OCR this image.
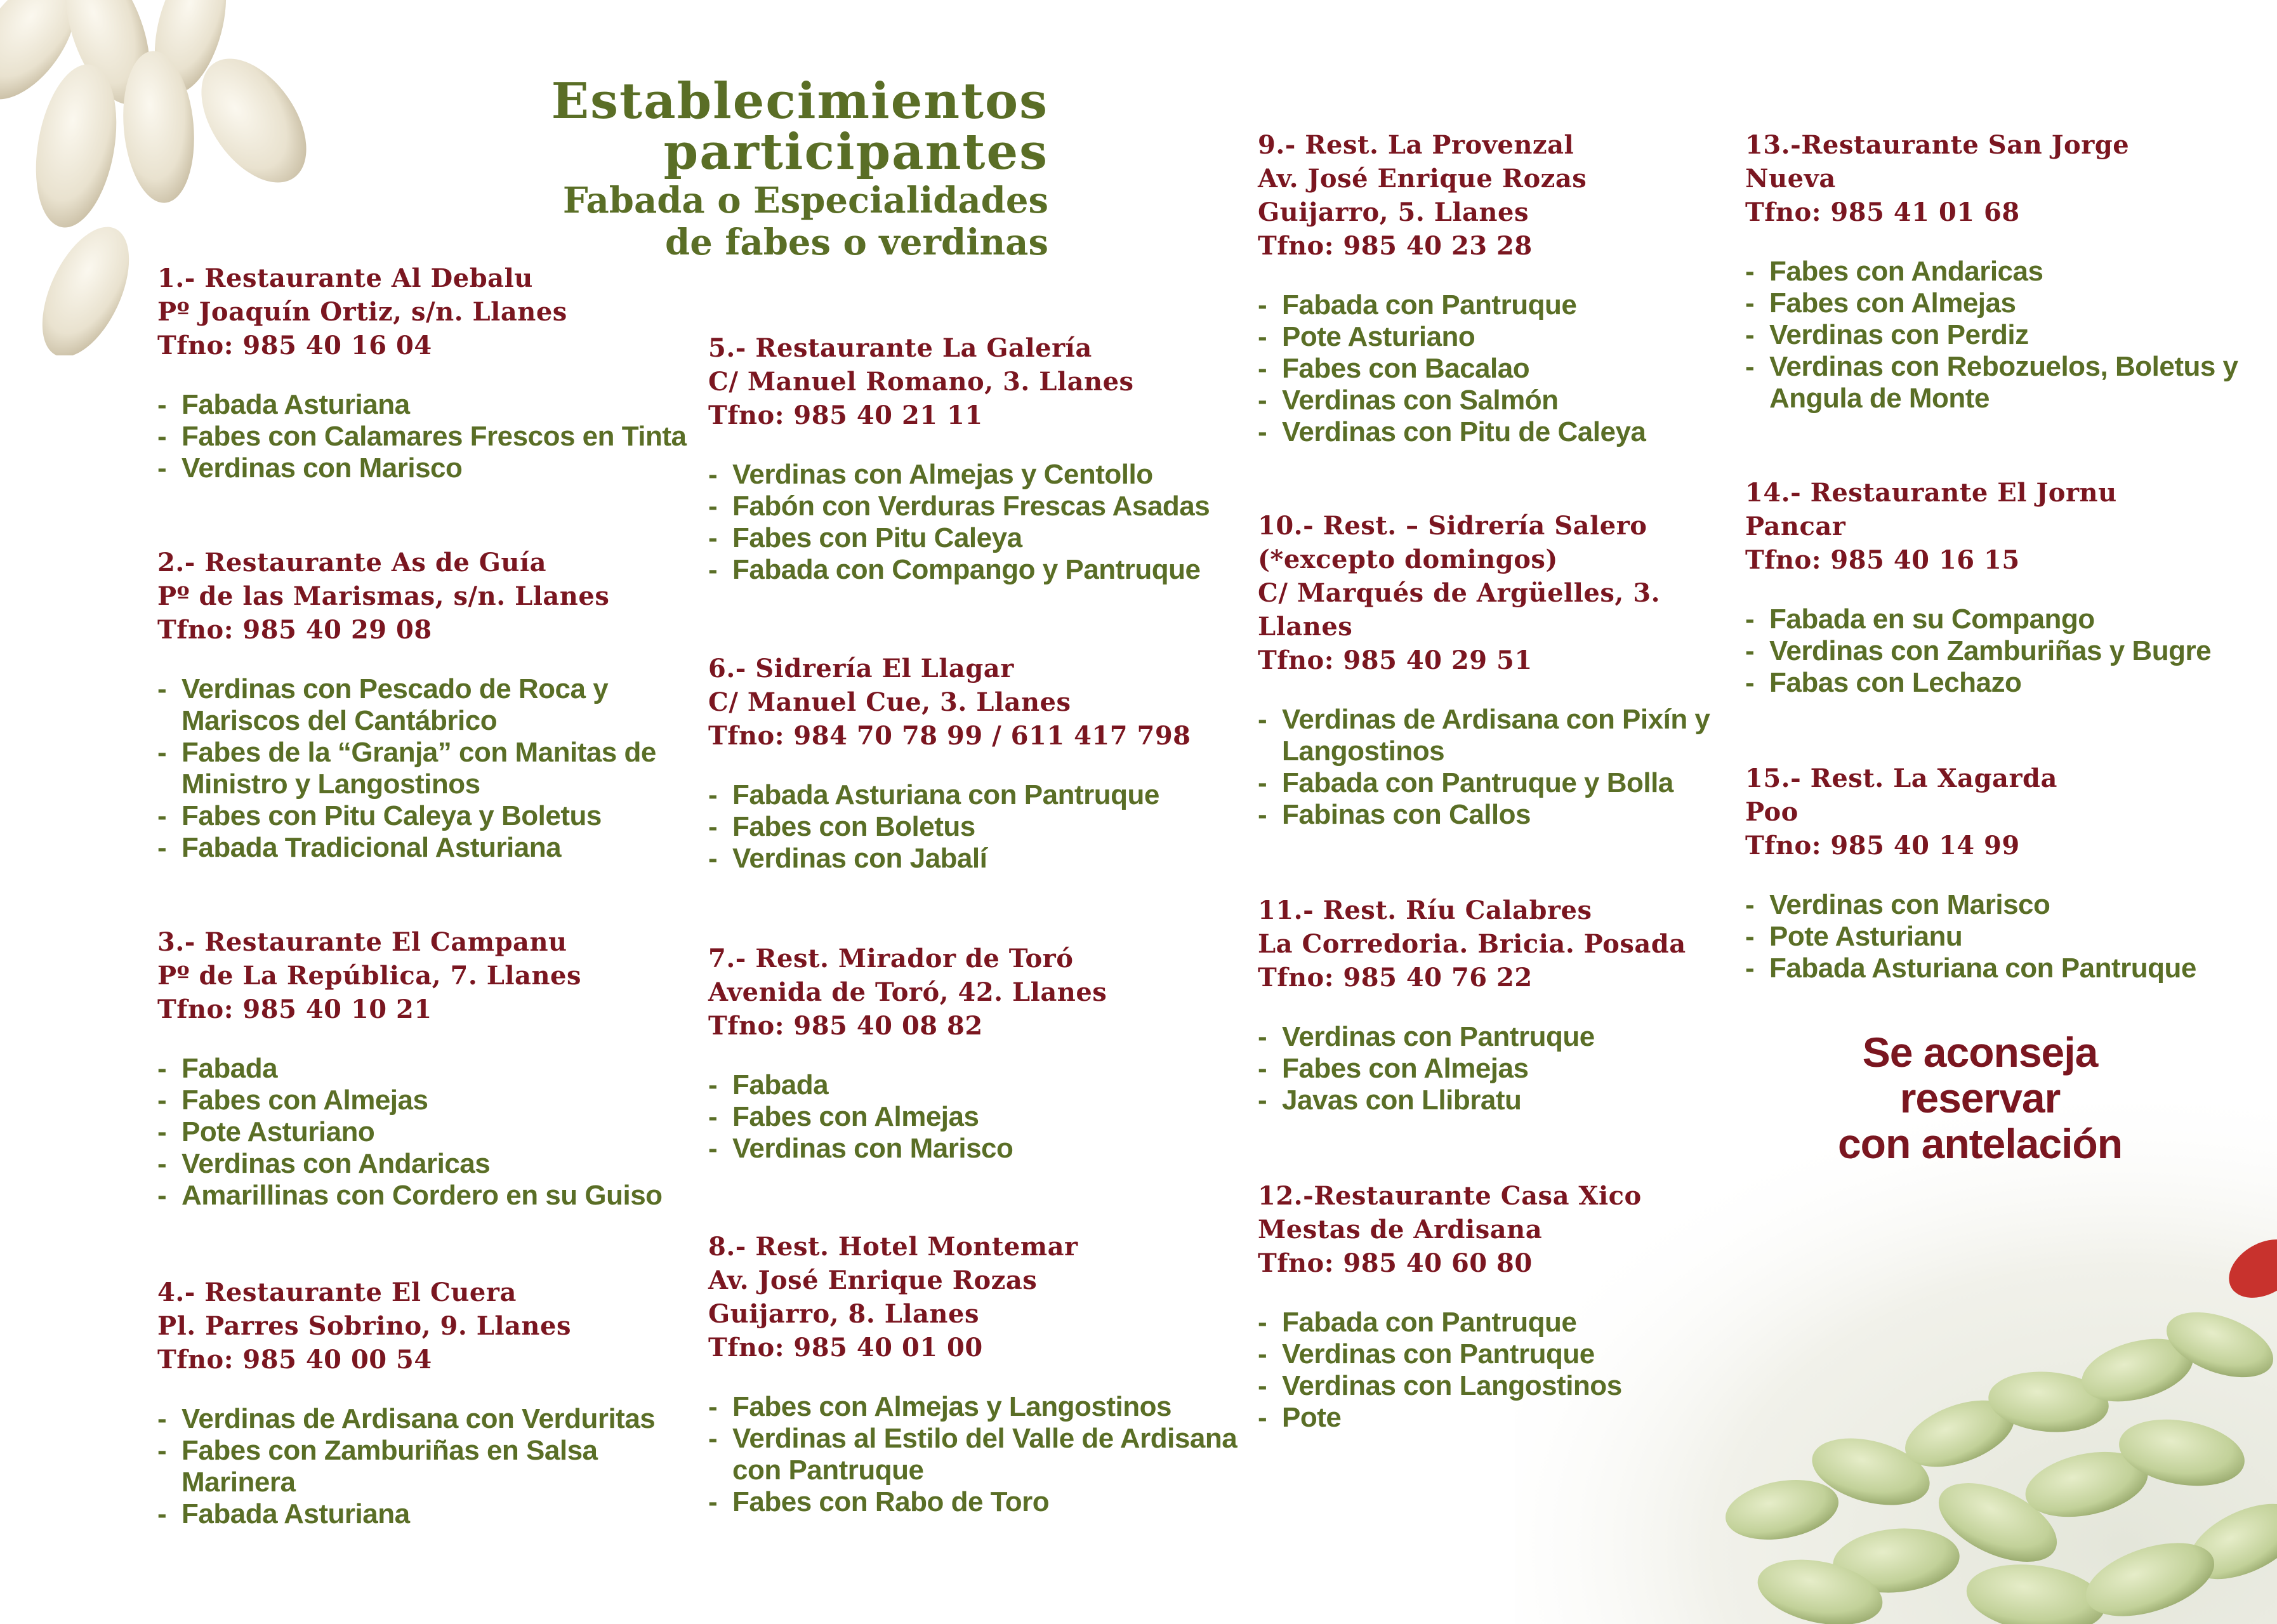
Establecimientos

participantes

Fabada o Especialidades

de fabes o verdinas

1.- Restaurante Al Debalu
Pº Joaquín Ortiz, s/n. Llanes
Tfno: 985 40 16 04
- Fabada Asturiana
- Fabes con Calamares Frescos en Tinta
- Verdinas con Marisco
2.- Restaurante As de Guía
Pº de las Marismas, s/n. Llanes
Tfno: 985 40 29 08
- Verdinas con Pescado de Roca y Mariscos del Cantábrico
- Fabes de la “Granja” con Manitas de Ministro y Langostinos
- Fabes con Pitu Caleya y Boletus
- Fabada Tradicional Asturiana
3.- Restaurante El Campanu
Pº de La República, 7. Llanes
Tfno: 985 40 10 21
- Fabada
- Fabes con Almejas
- Pote Asturiano
- Verdinas con Andaricas
- Amarillinas con Cordero en su Guiso
4.- Restaurante El Cuera
Pl. Parres Sobrino, 9. Llanes
Tfno: 985 40 00 54
- Verdinas de Ardisana con Verduritas
- Fabes con Zamburiñas en Salsa Marinera
- Fabada Asturiana
5.- Restaurante La Galería
C/ Manuel Romano, 3. Llanes
Tfno: 985 40 21 11
- Verdinas con Almejas y Centollo
- Fabón con Verduras Frescas Asadas
- Fabes con Pitu Caleya
- Fabada con Compango y Pantruque
6.- Sidrería El Llagar
C/ Manuel Cue, 3. Llanes
Tfno: 984 70 78 99 / 611 417 798
- Fabada Asturiana con Pantruque
- Fabes con Boletus
- Verdinas con Jabalí
7.- Rest. Mirador de Toró
Avenida de Toró, 42. Llanes
Tfno: 985 40 08 82
- Fabada
- Fabes con Almejas
- Verdinas con Marisco
8.- Rest. Hotel Montemar
Av. José Enrique Rozas
Guijarro, 8. Llanes
Tfno: 985 40 01 00
- Fabes con Almejas y Langostinos
- Verdinas al Estilo del Valle de Ardisana con Pantruque
- Fabes con Rabo de Toro
9.- Rest. La Provenzal
Av. José Enrique Rozas
Guijarro, 5. Llanes
Tfno: 985 40 23 28
- Fabada con Pantruque
- Pote Asturiano
- Fabes con Bacalao
- Verdinas con Salmón
- Verdinas con Pitu de Caleya
10.- Rest. – Sidrería Salero
(*excepto domingos)
C/ Marqués de Argüelles, 3.
Llanes
Tfno: 985 40 29 51
- Verdinas de Ardisana con Pixín y Langostinos
- Fabada con Pantruque y Bolla
- Fabinas con Callos
11.- Rest. Ríu Calabres
La Corredoria. Bricia. Posada
Tfno: 985 40 76 22
- Verdinas con Pantruque
- Fabes con Almejas
- Javas con Llibratu
12.-Restaurante Casa Xico
Mestas de Ardisana
Tfno: 985 40 60 80
- Fabada con Pantruque
- Verdinas con Pantruque
- Verdinas con Langostinos
- Pote
13.-Restaurante San Jorge
Nueva
Tfno: 985 41 01 68
- Fabes con Andaricas
- Fabes con Almejas
- Verdinas con Perdiz
- Verdinas con Rebozuelos, Boletus y Angula de Monte
14.- Restaurante El Jornu
Pancar
Tfno: 985 40 16 15
- Fabada en su Compango
- Verdinas con Zamburiñas y Bugre
- Fabas con Lechazo
15.- Rest. La Xagarda
Poo
Tfno: 985 40 14 99
- Verdinas con Marisco
- Pote Asturianu
- Fabada Asturiana con Pantruque
Se aconseja
reservar
con antelación
